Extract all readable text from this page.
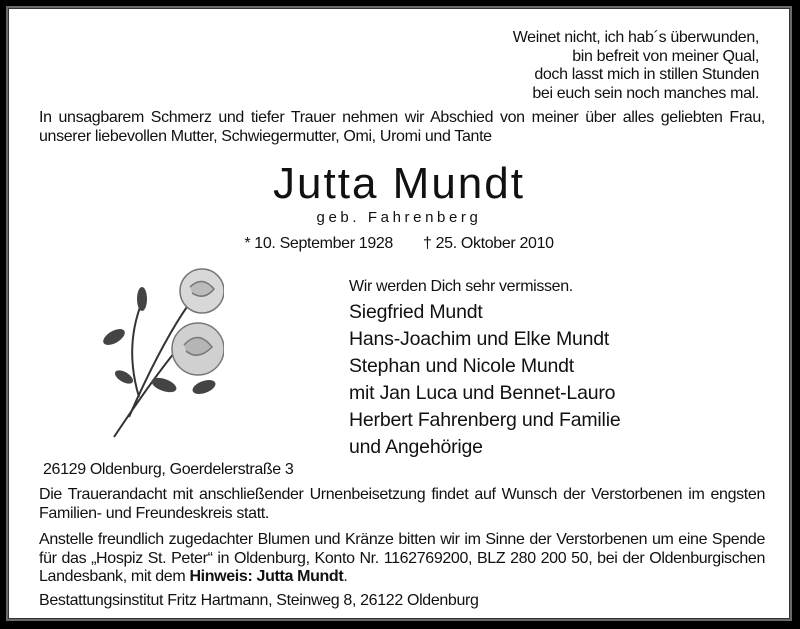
Weinet nicht, ich hab´s überwunden,
bin befreit von meiner Qual,
doch lasst mich in stillen Stunden
bei euch sein noch manches mal.
In unsagbarem Schmerz und tiefer Trauer nehmen wir Abschied von meiner über alles geliebten Frau, unserer liebevollen Mutter, Schwiegermutter, Omi, Uromi und Tante
Jutta Mundt
geb. Fahrenberg
* 10. September 1928 † 25. Oktober 2010
Wir werden Dich sehr vermissen.
Siegfried Mundt
Hans-Joachim und Elke Mundt
Stephan und Nicole Mundt
mit Jan Luca und Bennet-Lauro
Herbert Fahrenberg und Familie
und Angehörige
26129 Oldenburg, Goerdelerstraße 3
Die Trauerandacht mit anschließender Urnenbeisetzung findet auf Wunsch der Verstorbenen im engsten Familien- und Freundeskreis statt.
Anstelle freundlich zugedachter Blumen und Kränze bitten wir im Sinne der Verstorbenen um eine Spende für das „Hospiz St. Peter“ in Oldenburg, Konto Nr. 1162769200, BLZ 280 200 50, bei der Oldenburgischen Landesbank, mit dem Hinweis: Jutta Mundt.
Bestattungsinstitut Fritz Hartmann, Steinweg 8, 26122 Oldenburg
